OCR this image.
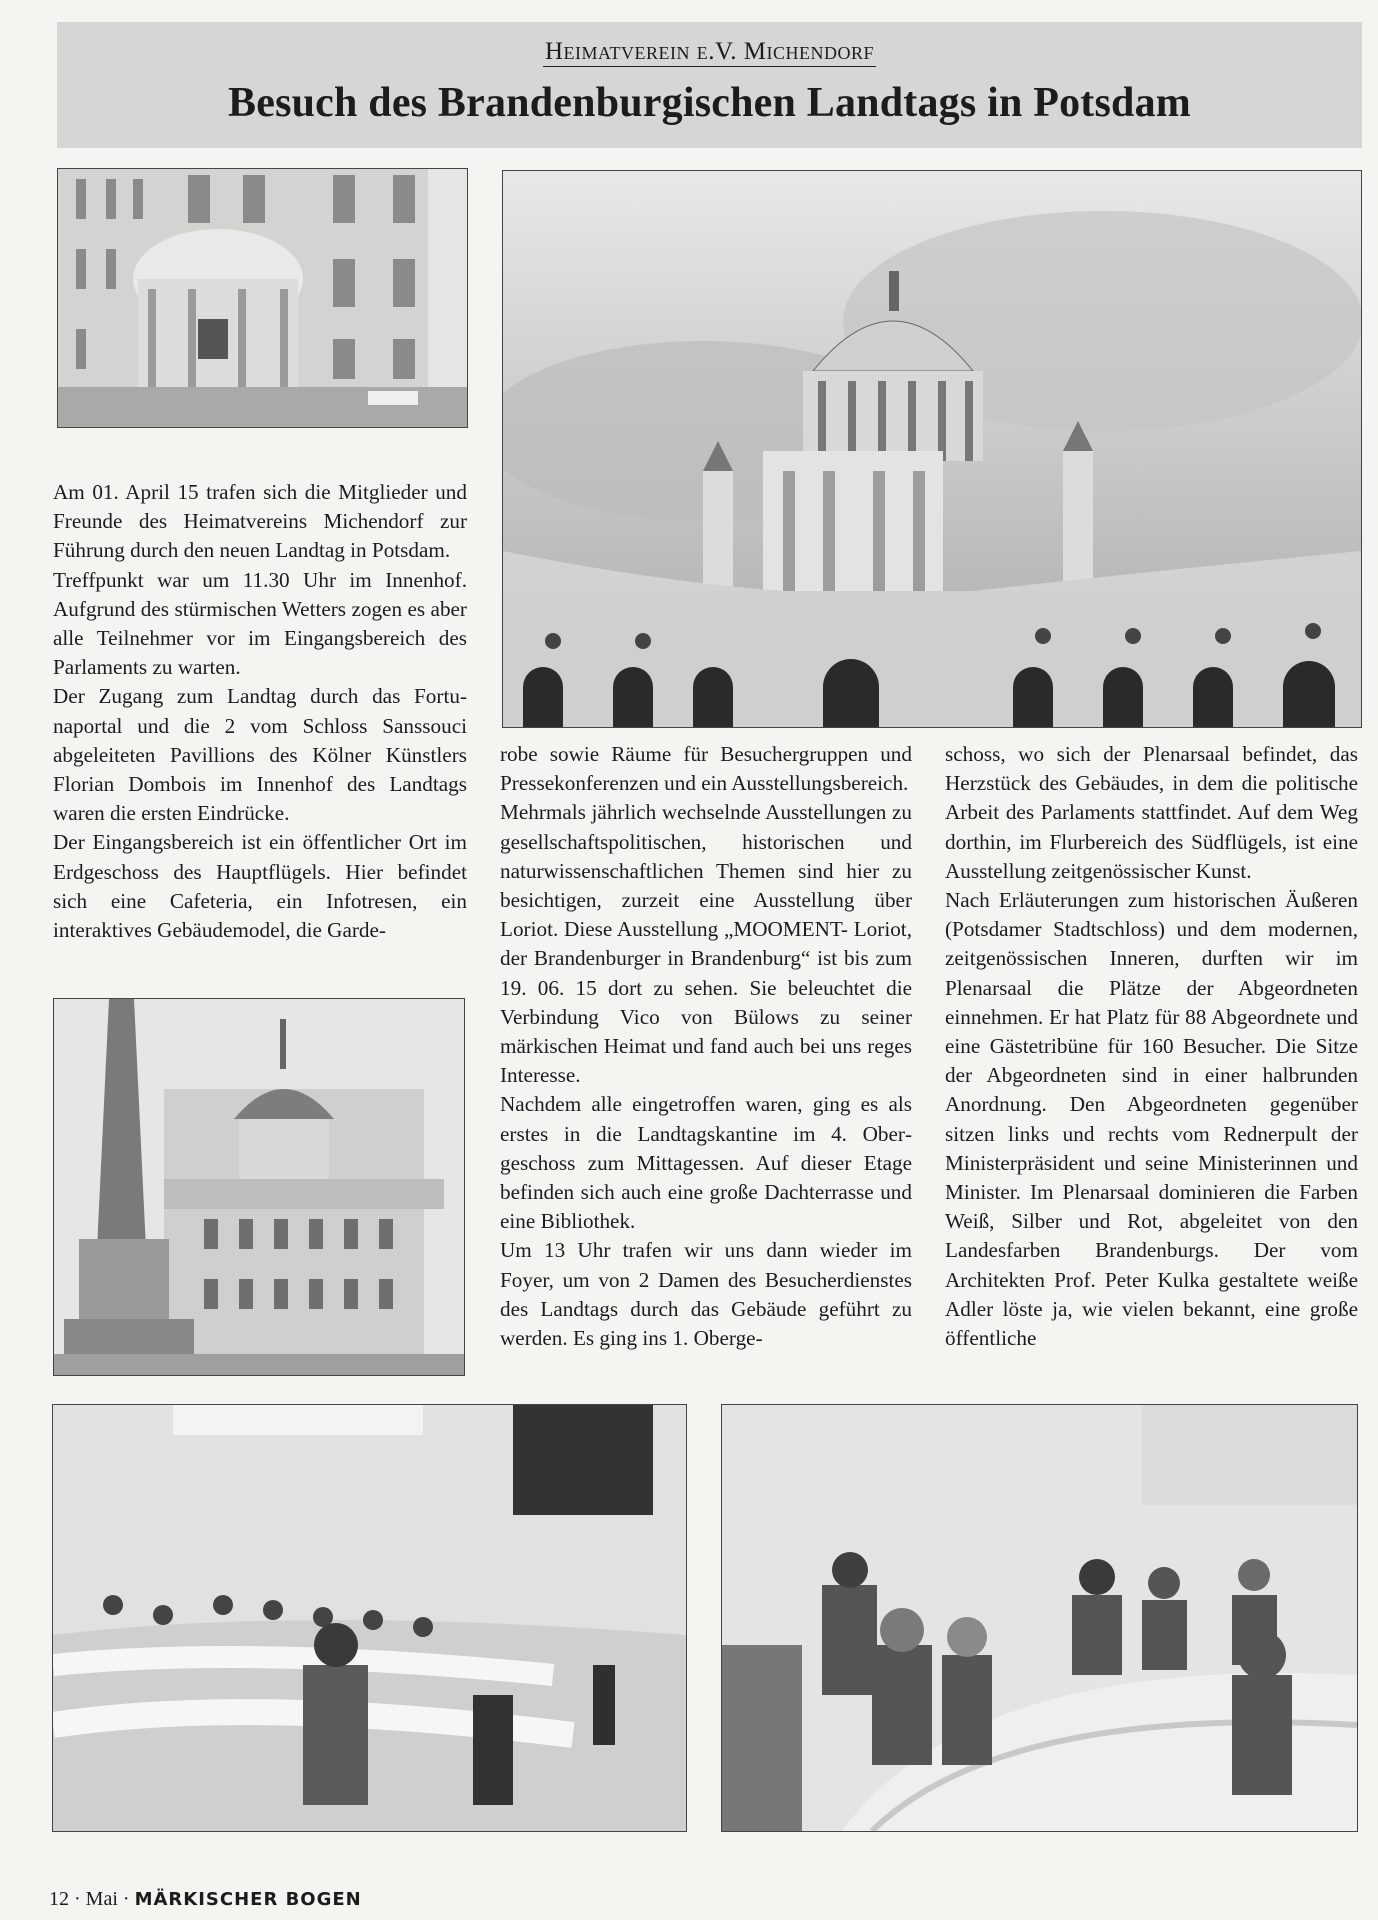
Heimatverein e.V. Michendorf
Besuch des Brandenburgischen Landtags in Potsdam

Am 01. April 15 trafen sich die Mitglieder und Freunde des Heimatvereins Michendorf zur Führung durch den neuen Landtag in Potsdam.

Treffpunkt war um 11.30 Uhr im Innenhof. Aufgrund des stürmischen Wetters zogen es aber alle Teilnehmer vor im Eingangsbereich des Parlaments zu warten.

Der Zugang zum Landtag durch das Fortunaportal und die 2 vom Schloss Sanssouci abgeleiteten Pavillions des Kölner Künstlers Florian Dombois im Innenhof des Landtags waren die ersten Eindrücke.

Der Eingangsbereich ist ein öffentlicher Ort im Erdgeschoss des Hauptflügels. Hier befindet sich eine Cafeteria, ein Infotresen, ein interaktives Gebäudemodel, die Garde-

robe sowie Räume für Besuchergruppen und Pressekonferenzen und ein Ausstellungsbereich.

Mehrmals jährlich wechselnde Ausstellungen zu gesellschaftspolitischen, historischen und naturwissenschaftlichen Themen sind hier zu besichtigen, zurzeit eine Ausstellung über Loriot. Diese Ausstellung „MOOMENT- Loriot, der Brandenburger in Brandenburg“ ist bis zum 19. 06. 15 dort zu sehen. Sie beleuchtet die Verbindung Vico von Bülows zu seiner märkischen Heimat und fand auch bei uns reges Interesse.

Nachdem alle eingetroffen waren, ging es als erstes in die Landtagskantine im 4. Obergeschoss zum Mittagessen. Auf dieser Etage befinden sich auch eine große Dachterrasse und eine Bibliothek.

Um 13 Uhr trafen wir uns dann wieder im Foyer, um von 2 Damen des Besucherdienstes des Landtags durch das Gebäude geführt zu werden. Es ging ins 1. Oberge-

schoss, wo sich der Plenarsaal befindet, das Herzstück des Gebäudes, in dem die politische Arbeit des Parlaments stattfindet. Auf dem Weg dorthin, im Flurbereich des Südflügels, ist eine Ausstellung zeitgenössischer Kunst.

Nach Erläuterungen zum historischen Äußeren (Potsdamer Stadtschloss) und dem modernen, zeitgenössischen Inneren, durften wir im Plenarsaal die Plätze der Abgeordneten einnehmen. Er hat Platz für 88 Abgeordnete und eine Gästetribüne für 160 Besucher. Die Sitze der Abgeordneten sind in einer halbrunden Anordnung. Den Abgeordneten gegenüber sitzen links und rechts vom Rednerpult der Ministerpräsident und seine Ministerinnen und Minister. Im Plenarsaal dominieren die Farben Weiß, Silber und Rot, abgeleitet von den Landesfarben Brandenburgs. Der vom Architekten Prof. Peter Kulka gestaltete weiße Adler löste ja, wie vielen bekannt, eine große öffentliche

12 · Mai · MÄRKISCHER BOGEN
